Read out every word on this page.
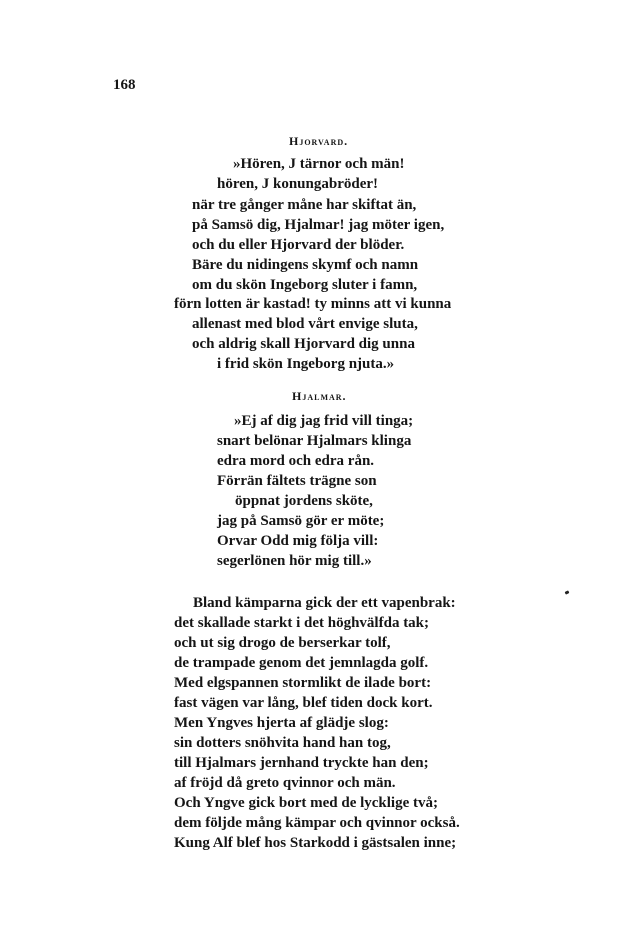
168
Hjorvard.
»Hören, J tärnor och män!
hören, J konungabröder!
när tre gånger måne har skiftat än,
på Samsö dig, Hjalmar! jag möter igen,
och du eller Hjorvard der blöder.
Bäre du nidingens skymf och namn
om du skön Ingeborg sluter i famn,
förn lotten är kastad! ty minns att vi kunna
allenast med blod vårt envige sluta,
och aldrig skall Hjorvard dig unna
i frid skön Ingeborg njuta.»
Hjalmar.
»Ej af dig jag frid vill tinga;
snart belönar Hjalmars klinga
edra mord och edra rån.
Förrän fältets trägne son
öppnat jordens sköte,
jag på Samsö gör er möte;
Orvar Odd mig följa vill:
segerlönen hör mig till.»
Bland kämparna gick der ett vapenbrak:
det skallade starkt i det höghvälfda tak;
och ut sig drogo de berserkar tolf,
de trampade genom det jemnlagda golf.
Med elgspannen stormlikt de ilade bort:
fast vägen var lång, blef tiden dock kort.
Men Yngves hjerta af glädje slog:
sin dotters snöhvita hand han tog,
till Hjalmars jernhand tryckte han den;
af fröjd då greto qvinnor och män.
Och Yngve gick bort med de lycklige två;
dem följde mång kämpar och qvinnor också.
Kung Alf blef hos Starkodd i gästsalen inne;
